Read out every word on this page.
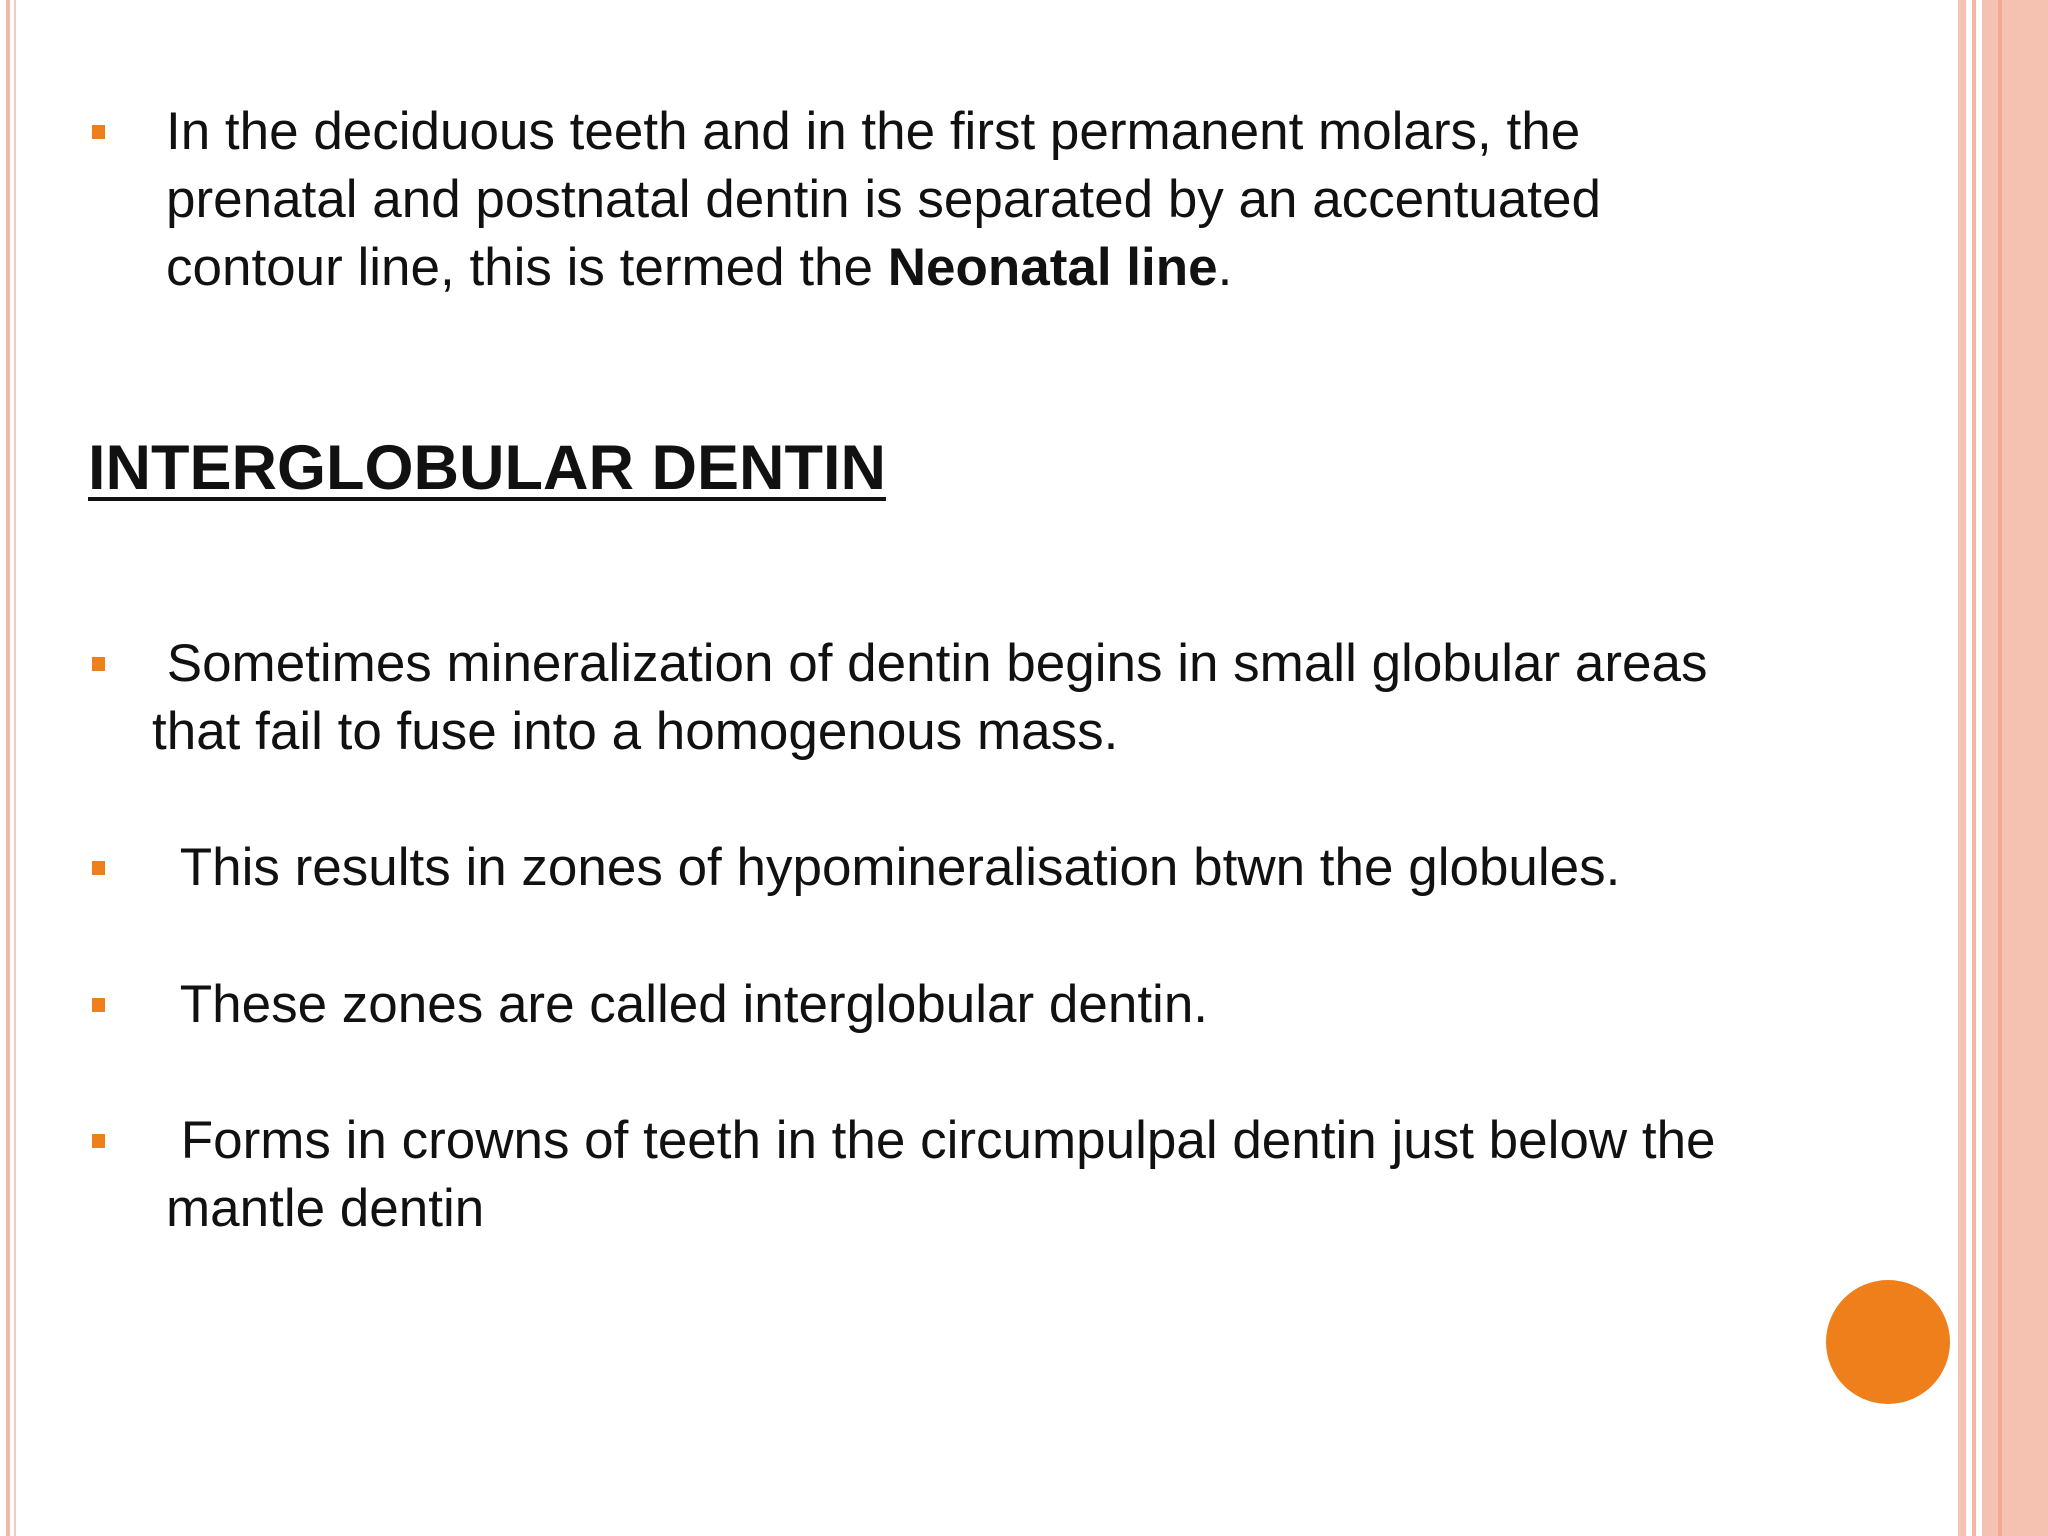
In the deciduous teeth and in the first permanent molars, the
prenatal and postnatal dentin is separated by an accentuated
contour line, this is termed the Neonatal line.
INTERGLOBULAR DENTIN
Sometimes mineralization of dentin begins in small globular areas
that fail to fuse into a homogenous mass.
This results in zones of hypomineralisation btwn the globules.
These zones are called interglobular dentin.
Forms in crowns of teeth in the circumpulpal dentin just below the
mantle dentin
